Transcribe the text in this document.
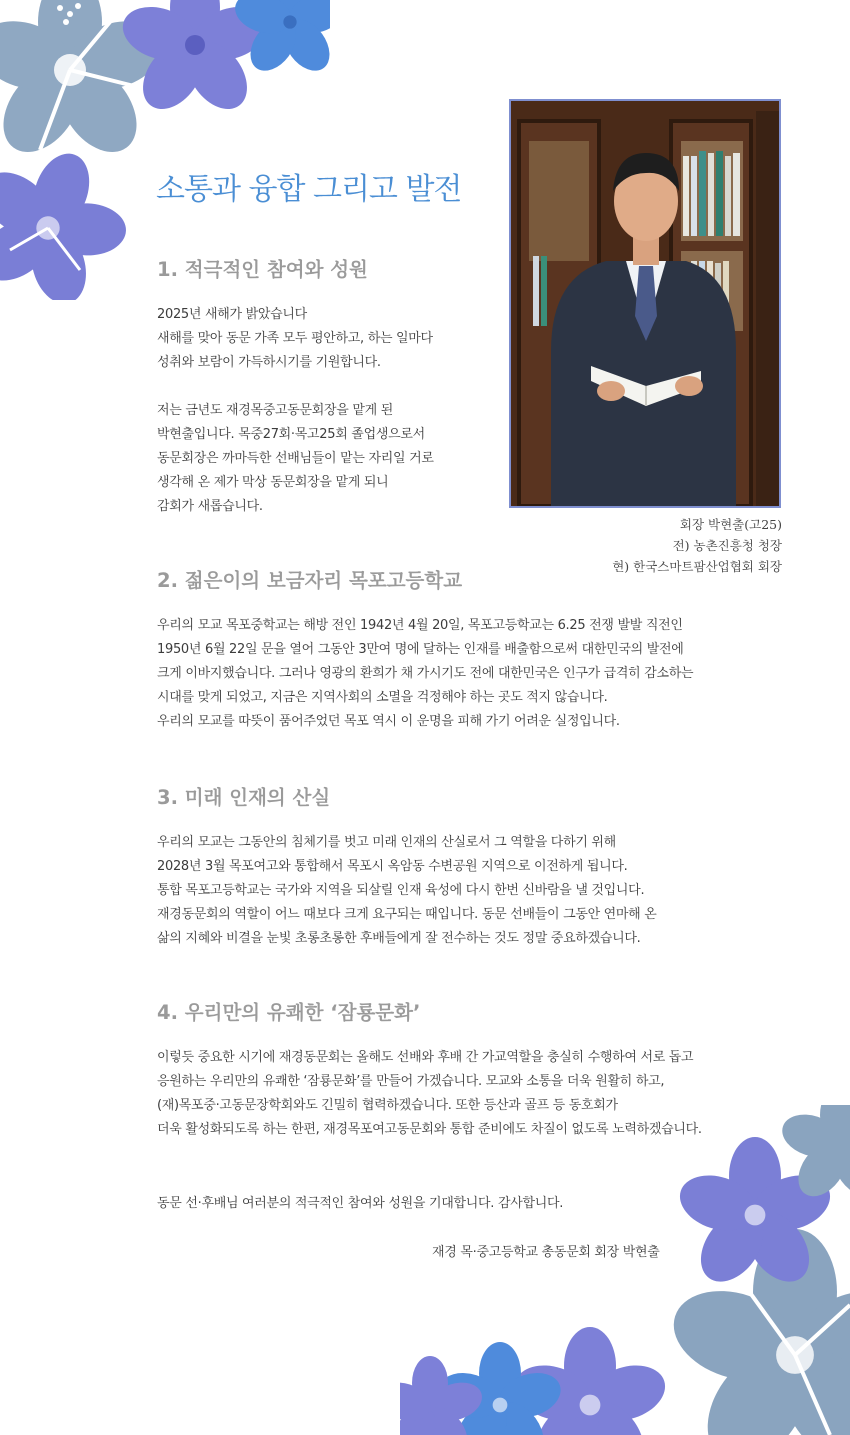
소통과 융합 그리고 발전
1. 적극적인 참여와 성원
2025년 새해가 밝았습니다
새해를 맞아 동문 가족 모두 평안하고, 하는 일마다
성취와 보람이 가득하시기를 기원합니다.
저는 금년도 재경목중고동문회장을 맡게 된
박현출입니다. 목중27회·목고25회 졸업생으로서
동문회장은 까마득한 선배님들이 맡는 자리일 거로
생각해 온 제가 막상 동문회장을 맡게 되니
감회가 새롭습니다.
회장 박현출(고25)
전) 농촌진흥청 청장
현) 한국스마트팜산업협회 회장
2. 젊은이의 보금자리 목포고등학교
우리의 모교 목포중학교는 해방 전인 1942년 4월 20일, 목포고등학교는 6.25 전쟁 발발 직전인
1950년 6월 22일 문을 열어 그동안 3만여 명에 달하는 인재를 배출함으로써 대한민국의 발전에
크게 이바지했습니다. 그러나 영광의 환희가 채 가시기도 전에 대한민국은 인구가 급격히 감소하는
시대를 맞게 되었고, 지금은 지역사회의 소멸을 걱정해야 하는 곳도 적지 않습니다.
우리의 모교를 따뜻이 품어주었던 목포 역시 이 운명을 피해 가기 어려운 실정입니다.
3. 미래 인재의 산실
우리의 모교는 그동안의 침체기를 벗고 미래 인재의 산실로서 그 역할을 다하기 위해
2028년 3월 목포여고와 통합해서 목포시 옥암동 수변공원 지역으로 이전하게 됩니다.
통합 목포고등학교는 국가와 지역을 되살릴 인재 육성에 다시 한번 신바람을 낼 것입니다.
재경동문회의 역할이 어느 때보다 크게 요구되는 때입니다. 동문 선배들이 그동안 연마해 온
삶의 지혜와 비결을 눈빛 초롱초롱한 후배들에게 잘 전수하는 것도 정말 중요하겠습니다.
4. 우리만의 유쾌한 ‘잠룡문화’
이렇듯 중요한 시기에 재경동문회는 올해도 선배와 후배 간 가교역할을 충실히 수행하여 서로 돕고
응원하는 우리만의 유쾌한 ‘잠룡문화’를 만들어 가겠습니다. 모교와 소통을 더욱 원활히 하고,
(재)목포중·고동문장학회와도 긴밀히 협력하겠습니다. 또한 등산과 골프 등 동호회가
더욱 활성화되도록 하는 한편, 재경목포여고동문회와 통합 준비에도 차질이 없도록 노력하겠습니다.
동문 선·후배님 여러분의 적극적인 참여와 성원을 기대합니다. 감사합니다.
재경 목·중고등학교 총동문회 회장 박현출
